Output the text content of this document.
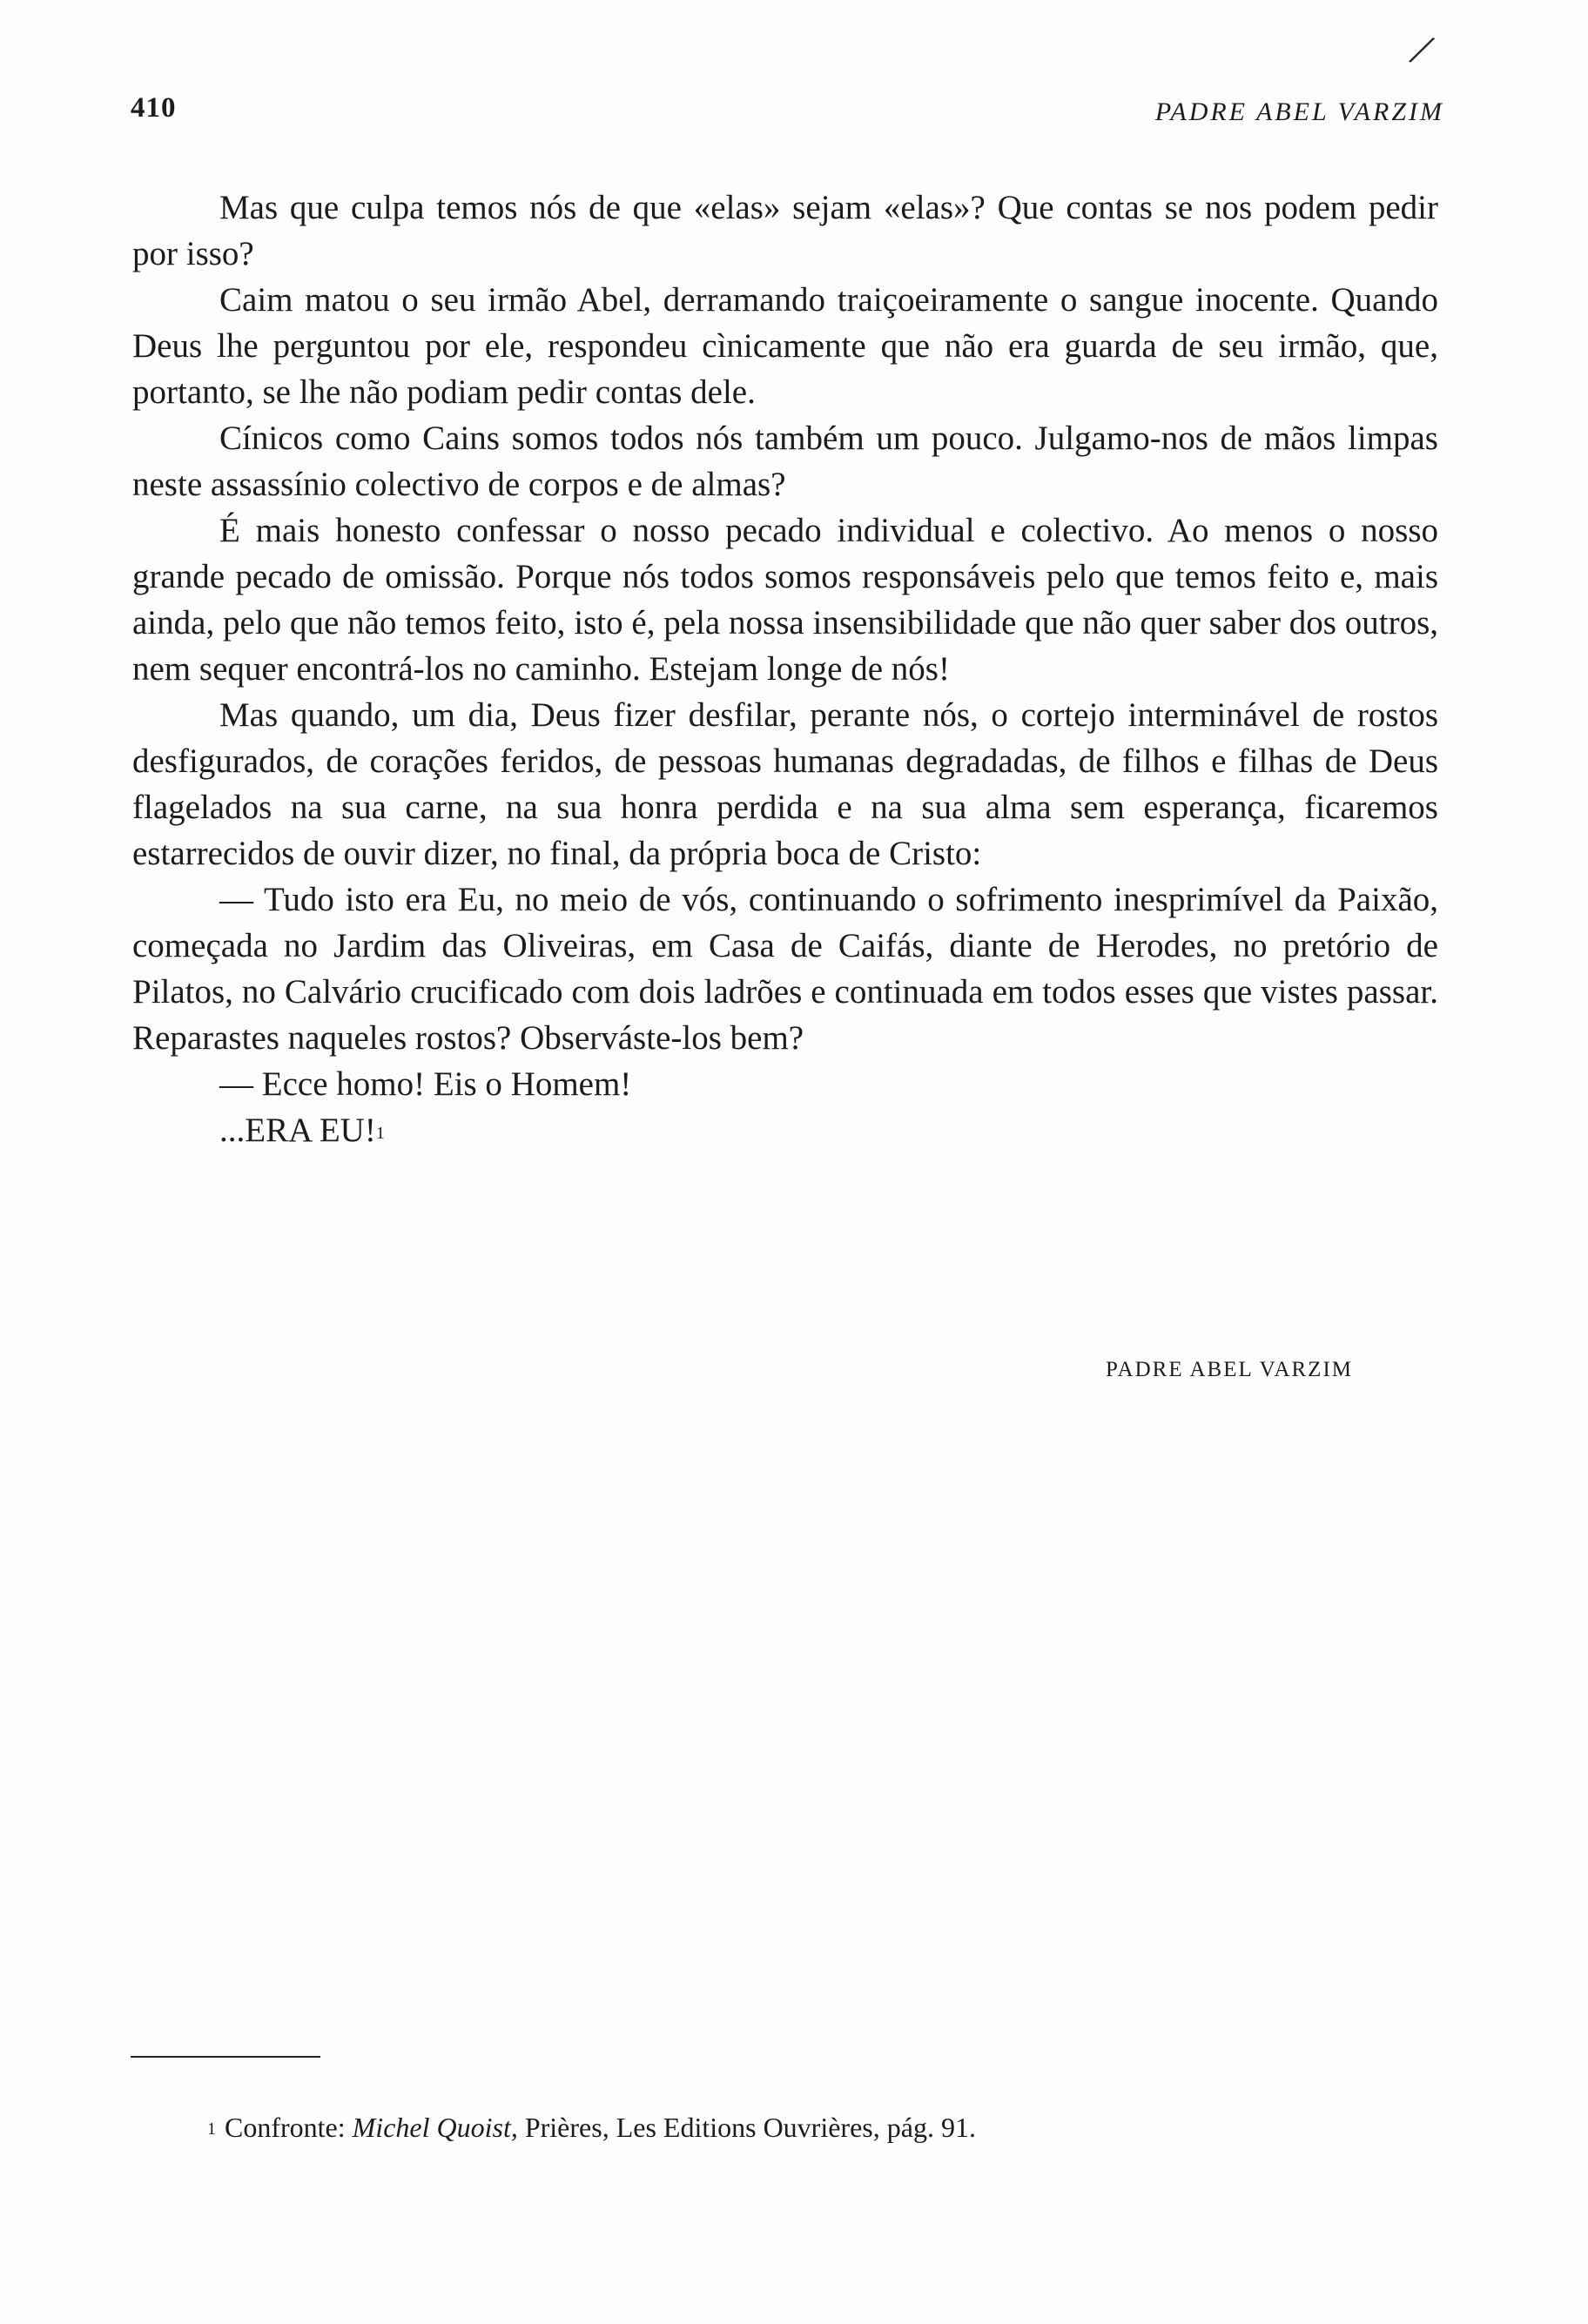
/
410	PADRE ABEL VARZIM

Mas que culpa temos nós de que «elas» sejam «elas»? Que contas se nos podem pedir por isso?

Caim matou o seu irmão Abel, derramando traiçoeiramente o sangue inocente. Quando Deus lhe perguntou por ele, respondeu cìnicamente que não era guarda de seu irmão, que, portanto, se lhe não podiam pedir contas dele.

Cínicos como Cains somos todos nós também um pouco. Julgamo-nos de mãos limpas neste assassínio colectivo de corpos e de almas?

É mais honesto confessar o nosso pecado individual e colectivo. Ao menos o nosso grande pecado de omissão. Porque nós todos somos responsáveis pelo que temos feito e, mais ainda, pelo que não temos feito, isto é, pela nossa insensibilidade que não quer saber dos outros, nem sequer encontrá-los no caminho. Estejam longe de nós!

Mas quando, um dia, Deus fizer desfilar, perante nós, o cortejo interminável de rostos desfigurados, de corações feridos, de pessoas humanas degradadas, de filhos e filhas de Deus flagelados na sua carne, na sua honra perdida e na sua alma sem esperança, ficaremos estarrecidos de ouvir dizer, no final, da própria boca de Cristo:

— Tudo isto era Eu, no meio de vós, continuando o sofrimento inesprimível da Paixão, começada no Jardim das Oliveiras, em Casa de Caifás, diante de Herodes, no pretório de Pilatos, no Calvário crucificado com dois ladrões e continuada em todos esses que vistes passar. Reparastes naqueles rostos? Observáste-los bem?

— Ecce homo! Eis o Homem!

...ERA EU!$^1$

PADRE ABEL VARZIM
$^1$ Confronte: Michel Quoist, Prières, Les Editions Ouvrières, pág. 91.
